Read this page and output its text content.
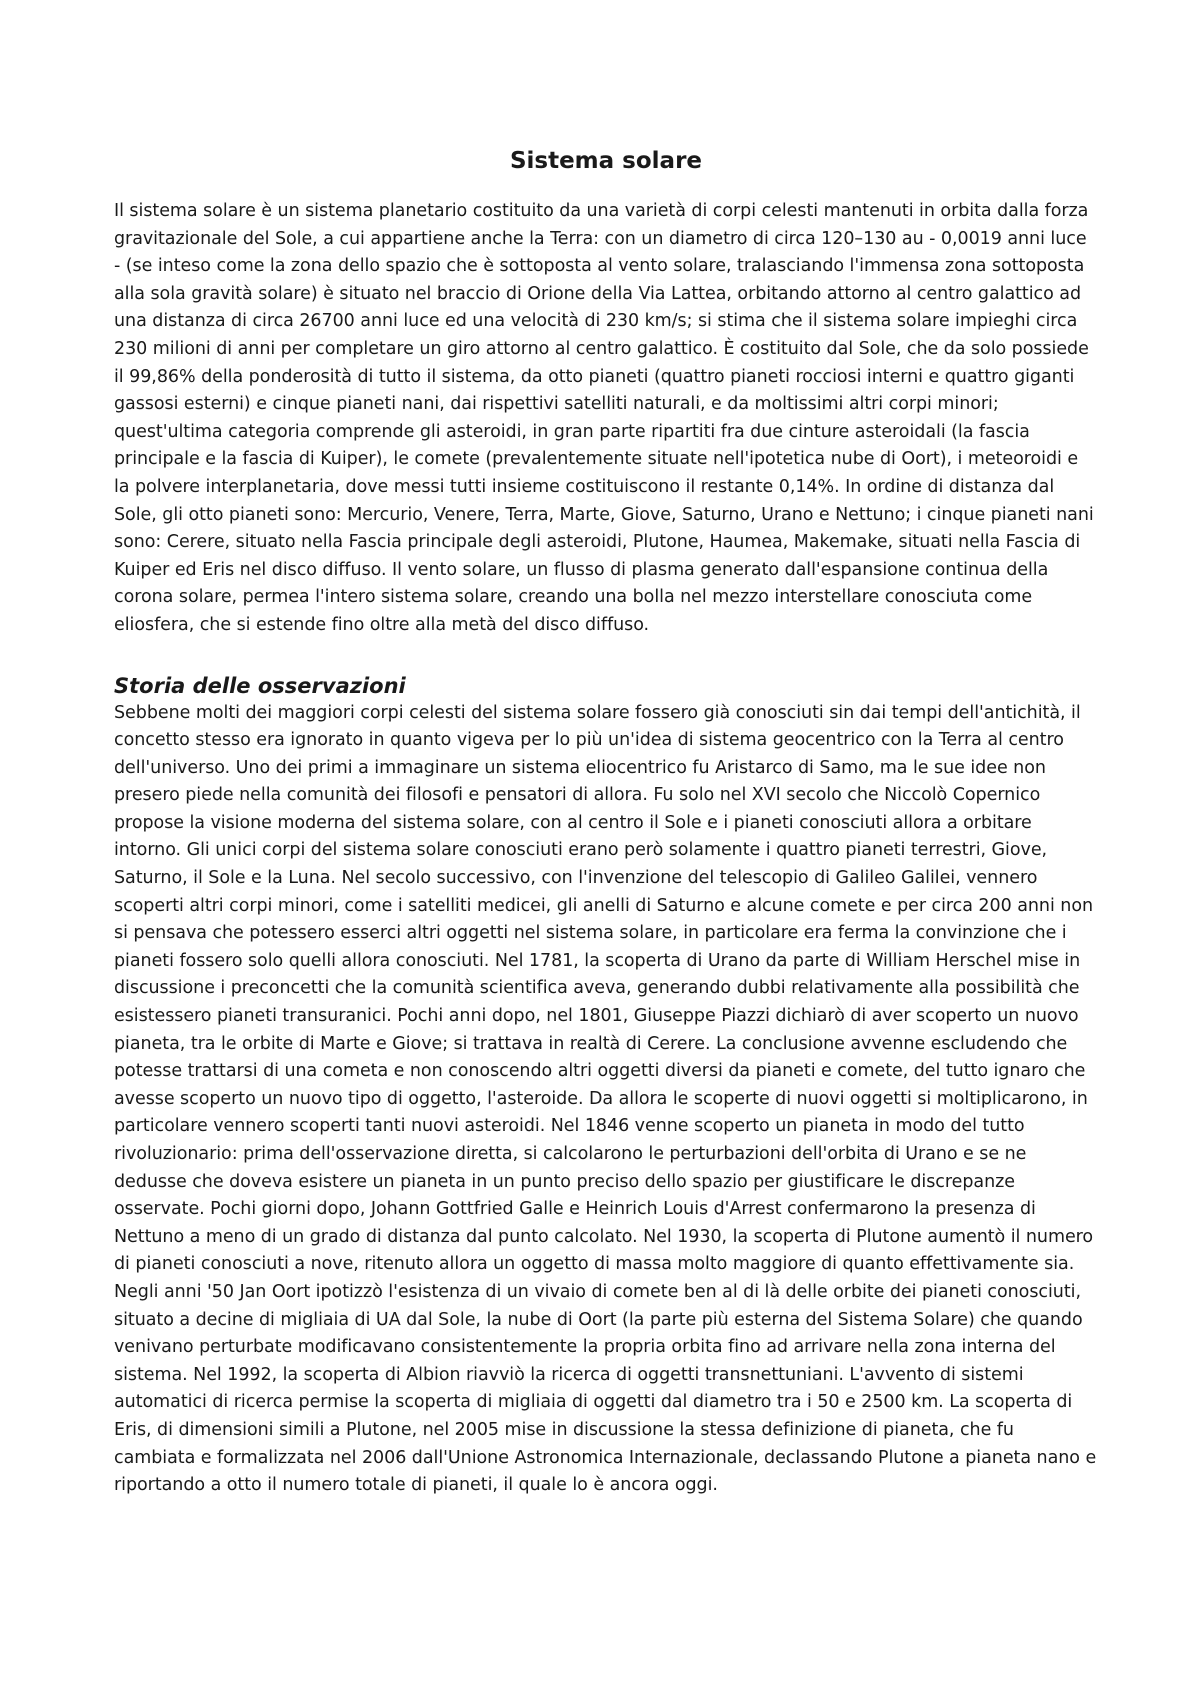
Sistema solare

Il sistema solare è un sistema planetario costituito da una varietà di corpi celesti mantenuti in orbita dalla forza gravitazionale del Sole, a cui appartiene anche la Terra: con un diametro di circa 120–130 au - 0,0019 anni luce - (se inteso come la zona dello spazio che è sottoposta al vento solare, tralasciando l'immensa zona sottoposta alla sola gravità solare) è situato nel braccio di Orione della Via Lattea, orbitando attorno al centro galattico ad una distanza di circa 26700 anni luce ed una velocità di 230 km/s; si stima che il sistema solare impieghi circa 230 milioni di anni per completare un giro attorno al centro galattico. È costituito dal Sole, che da solo possiede il 99,86% della ponderosità di tutto il sistema, da otto pianeti (quattro pianeti rocciosi interni e quattro giganti gassosi esterni) e cinque pianeti nani, dai rispettivi satelliti naturali, e da moltissimi altri corpi minori; quest'ultima categoria comprende gli asteroidi, in gran parte ripartiti fra due cinture asteroidali (la fascia principale e la fascia di Kuiper), le comete (prevalentemente situate nell'ipotetica nube di Oort), i meteoroidi e la polvere interplanetaria, dove messi tutti insieme costituiscono il restante 0,14%. In ordine di distanza dal Sole, gli otto pianeti sono: Mercurio, Venere, Terra, Marte, Giove, Saturno, Urano e Nettuno; i cinque pianeti nani sono: Cerere, situato nella Fascia principale degli asteroidi, Plutone, Haumea, Makemake, situati nella Fascia di Kuiper ed Eris nel disco diffuso. Il vento solare, un flusso di plasma generato dall'espansione continua della corona solare, permea l'intero sistema solare, creando una bolla nel mezzo interstellare conosciuta come eliosfera, che si estende fino oltre alla metà del disco diffuso.

Storia delle osservazioni

Sebbene molti dei maggiori corpi celesti del sistema solare fossero già conosciuti sin dai tempi dell'antichità, il concetto stesso era ignorato in quanto vigeva per lo più un'idea di sistema geocentrico con la Terra al centro dell'universo. Uno dei primi a immaginare un sistema eliocentrico fu Aristarco di Samo, ma le sue idee non presero piede nella comunità dei filosofi e pensatori di allora. Fu solo nel XVI secolo che Niccolò Copernico propose la visione moderna del sistema solare, con al centro il Sole e i pianeti conosciuti allora a orbitare intorno. Gli unici corpi del sistema solare conosciuti erano però solamente i quattro pianeti terrestri, Giove, Saturno, il Sole e la Luna. Nel secolo successivo, con l'invenzione del telescopio di Galileo Galilei, vennero scoperti altri corpi minori, come i satelliti medicei, gli anelli di Saturno e alcune comete e per circa 200 anni non si pensava che potessero esserci altri oggetti nel sistema solare, in particolare era ferma la convinzione che i pianeti fossero solo quelli allora conosciuti. Nel 1781, la scoperta di Urano da parte di William Herschel mise in discussione i preconcetti che la comunità scientifica aveva, generando dubbi relativamente alla possibilità che esistessero pianeti transuranici. Pochi anni dopo, nel 1801, Giuseppe Piazzi dichiarò di aver scoperto un nuovo pianeta, tra le orbite di Marte e Giove; si trattava in realtà di Cerere. La conclusione avvenne escludendo che potesse trattarsi di una cometa e non conoscendo altri oggetti diversi da pianeti e comete, del tutto ignaro che avesse scoperto un nuovo tipo di oggetto, l'asteroide. Da allora le scoperte di nuovi oggetti si moltiplicarono, in particolare vennero scoperti tanti nuovi asteroidi. Nel 1846 venne scoperto un pianeta in modo del tutto rivoluzionario: prima dell'osservazione diretta, si calcolarono le perturbazioni dell'orbita di Urano e se ne dedusse che doveva esistere un pianeta in un punto preciso dello spazio per giustificare le discrepanze osservate. Pochi giorni dopo, Johann Gottfried Galle e Heinrich Louis d'Arrest confermarono la presenza di Nettuno a meno di un grado di distanza dal punto calcolato. Nel 1930, la scoperta di Plutone aumentò il numero di pianeti conosciuti a nove, ritenuto allora un oggetto di massa molto maggiore di quanto effettivamente sia. Negli anni '50 Jan Oort ipotizzò l'esistenza di un vivaio di comete ben al di là delle orbite dei pianeti conosciuti, situato a decine di migliaia di UA dal Sole, la nube di Oort (la parte più esterna del Sistema Solare) che quando venivano perturbate modificavano consistentemente la propria orbita fino ad arrivare nella zona interna del sistema. Nel 1992, la scoperta di Albion riavviò la ricerca di oggetti transnettuniani. L'avvento di sistemi automatici di ricerca permise la scoperta di migliaia di oggetti dal diametro tra i 50 e 2500 km. La scoperta di Eris, di dimensioni simili a Plutone, nel 2005 mise in discussione la stessa definizione di pianeta, che fu cambiata e formalizzata nel 2006 dall'Unione Astronomica Internazionale, declassando Plutone a pianeta nano e riportando a otto il numero totale di pianeti, il quale lo è ancora oggi.
